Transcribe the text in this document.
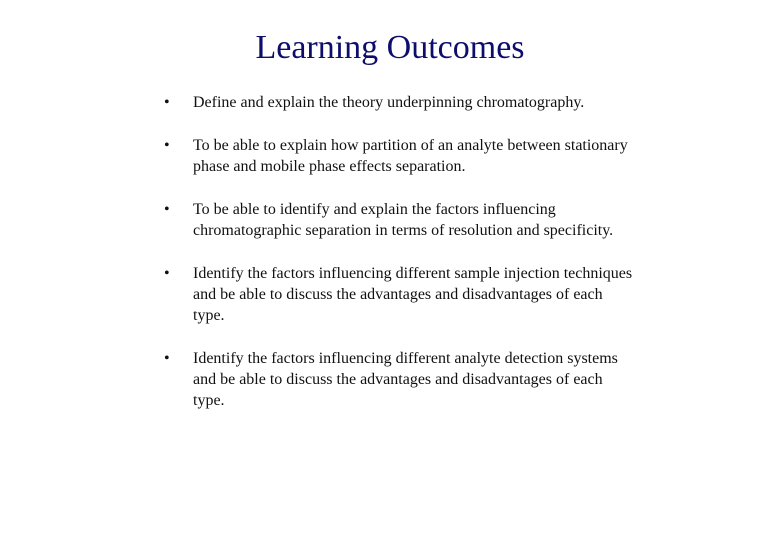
Learning Outcomes
• Define and explain the theory underpinning chromatography.
• To be able to explain how partition of an analyte between stationary phase and mobile phase effects separation.
• To be able to identify and explain the factors influencing chromatographic separation in terms of resolution and specificity.
• Identify the factors influencing different sample injection techniques and be able to discuss the advantages and disadvantages of each type.
• Identify the factors influencing different analyte detection systems and be able to discuss the advantages and disadvantages of each type.
